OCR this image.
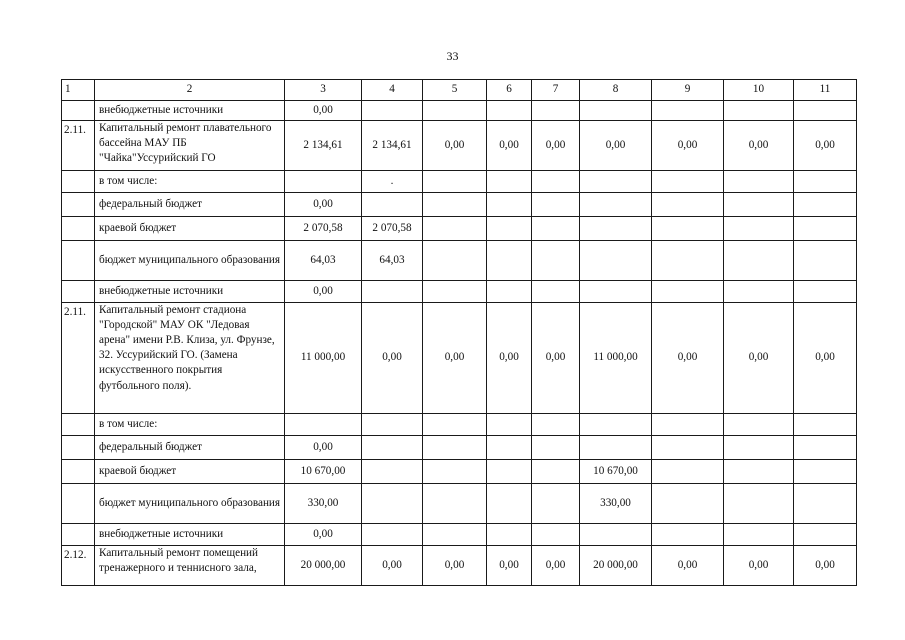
33
1	2	3	4	5	6	7	8	9	10	11
	внебюджетные источники	0,00								
2.11.	Капитальный ремонт плавательного бассейна МАУ ПБ "Чайка"Уссурийский ГО	2 134,61	2 134,61	0,00	0,00	0,00	0,00	0,00	0,00	0,00
	в том числе:		.							
	федеральный бюджет	0,00								
	краевой бюджет	2 070,58	2 070,58							
	бюджет муниципального образования	64,03	64,03							
	внебюджетные источники	0,00								
2.11.	Капитальный ремонт стадиона "Городской" МАУ ОК "Ледовая арена" имени Р.В. Клиза, ул. Фрунзе, 32. Уссурийский ГО. (Замена искусственного покрытия футбольного поля).	11 000,00	0,00	0,00	0,00	0,00	11 000,00	0,00	0,00	0,00
	в том числе:									
	федеральный бюджет	0,00								
	краевой бюджет	10 670,00					10 670,00			
	бюджет муниципального образования	330,00					330,00			
	внебюджетные источники	0,00								
2.12.	Капитальный ремонт помещений тренажерного и теннисного зала,	20 000,00	0,00	0,00	0,00	0,00	20 000,00	0,00	0,00	0,00
